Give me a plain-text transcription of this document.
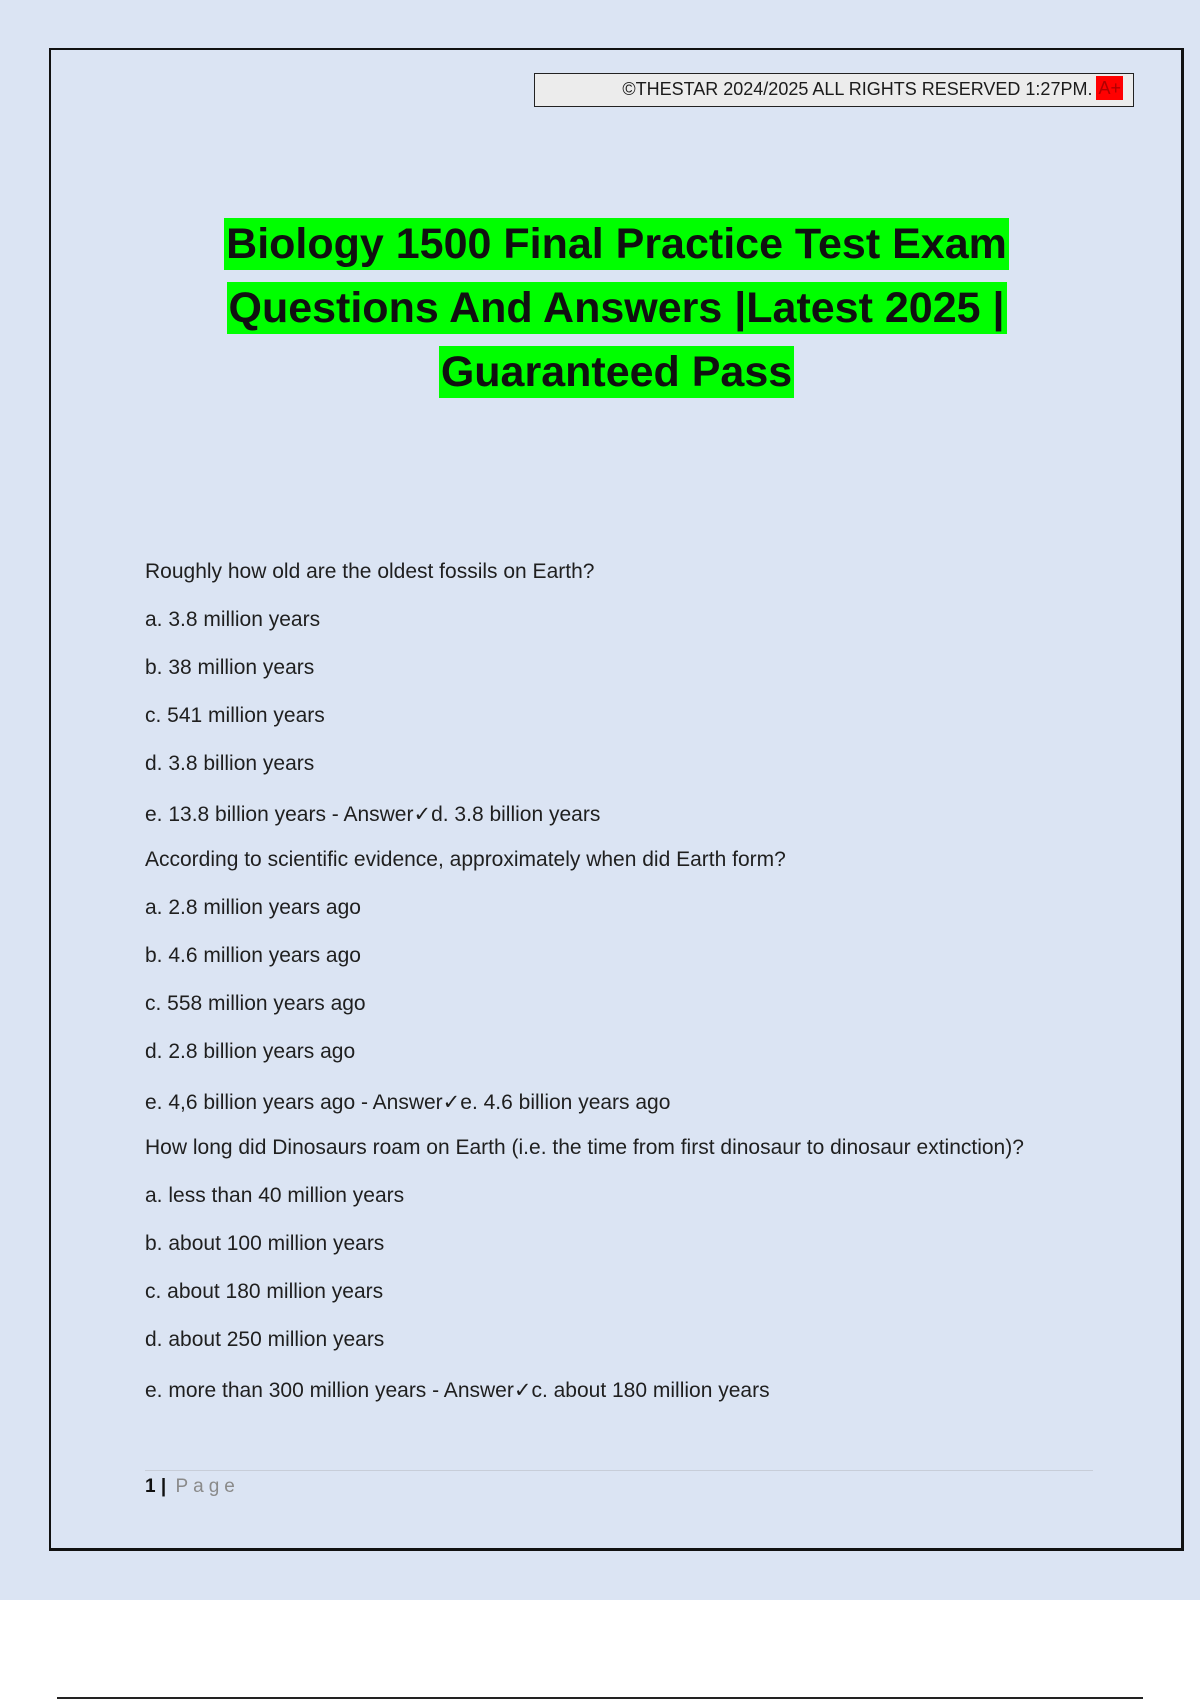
©THESTAR 2024/2025 ALL RIGHTS RESERVED 1:27PM. A+
Biology 1500 Final Practice Test Exam
Questions And Answers |Latest 2025 |
Guaranteed Pass
Roughly how old are the oldest fossils on Earth?
a. 3.8 million years
b. 38 million years
c. 541 million years
d. 3.8 billion years
e. 13.8 billion years - Answer✓d. 3.8 billion years
According to scientific evidence, approximately when did Earth form?
a. 2.8 million years ago
b. 4.6 million years ago
c. 558 million years ago
d. 2.8 billion years ago
e. 4,6 billion years ago - Answer✓e. 4.6 billion years ago
How long did Dinosaurs roam on Earth (i.e. the time from first dinosaur to dinosaur extinction)?
a. less than 40 million years
b. about 100 million years
c. about 180 million years
d. about 250 million years
e. more than 300 million years - Answer✓c. about 180 million years
1 | Page
